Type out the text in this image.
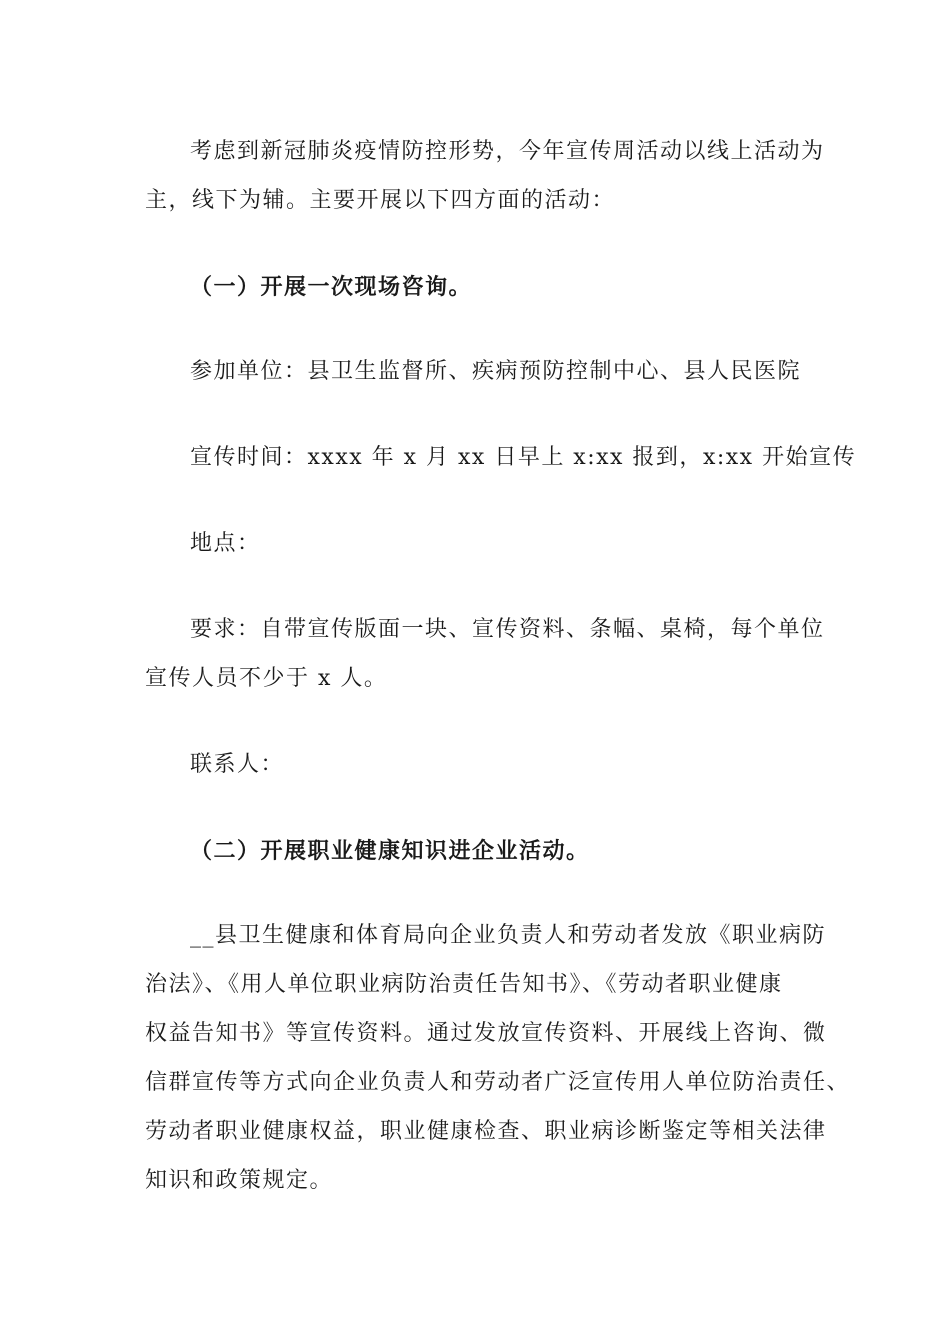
考虑到新冠肺炎疫情防控形势，今年宣传周活动以线上活动为
主，线下为辅。主要开展以下四方面的活动：
（一）开展一次现场咨询。
参加单位：县卫生监督所、疾病预防控制中心、县人民医院
宣传时间：xxxx 年 x 月 xx 日早上 x:xx 报到，x:xx 开始宣传
地点：
要求：自带宣传版面一块、宣传资料、条幅、桌椅，每个单位
宣传人员不少于 x 人。
联系人：
（二）开展职业健康知识进企业活动。
__县卫生健康和体育局向企业负责人和劳动者发放《职业病防
治法》、《用人单位职业病防治责任告知书》、《劳动者职业健康
权益告知书》等宣传资料。通过发放宣传资料、开展线上咨询、微
信群宣传等方式向企业负责人和劳动者广泛宣传用人单位防治责任、
劳动者职业健康权益，职业健康检查、职业病诊断鉴定等相关法律
知识和政策规定。
